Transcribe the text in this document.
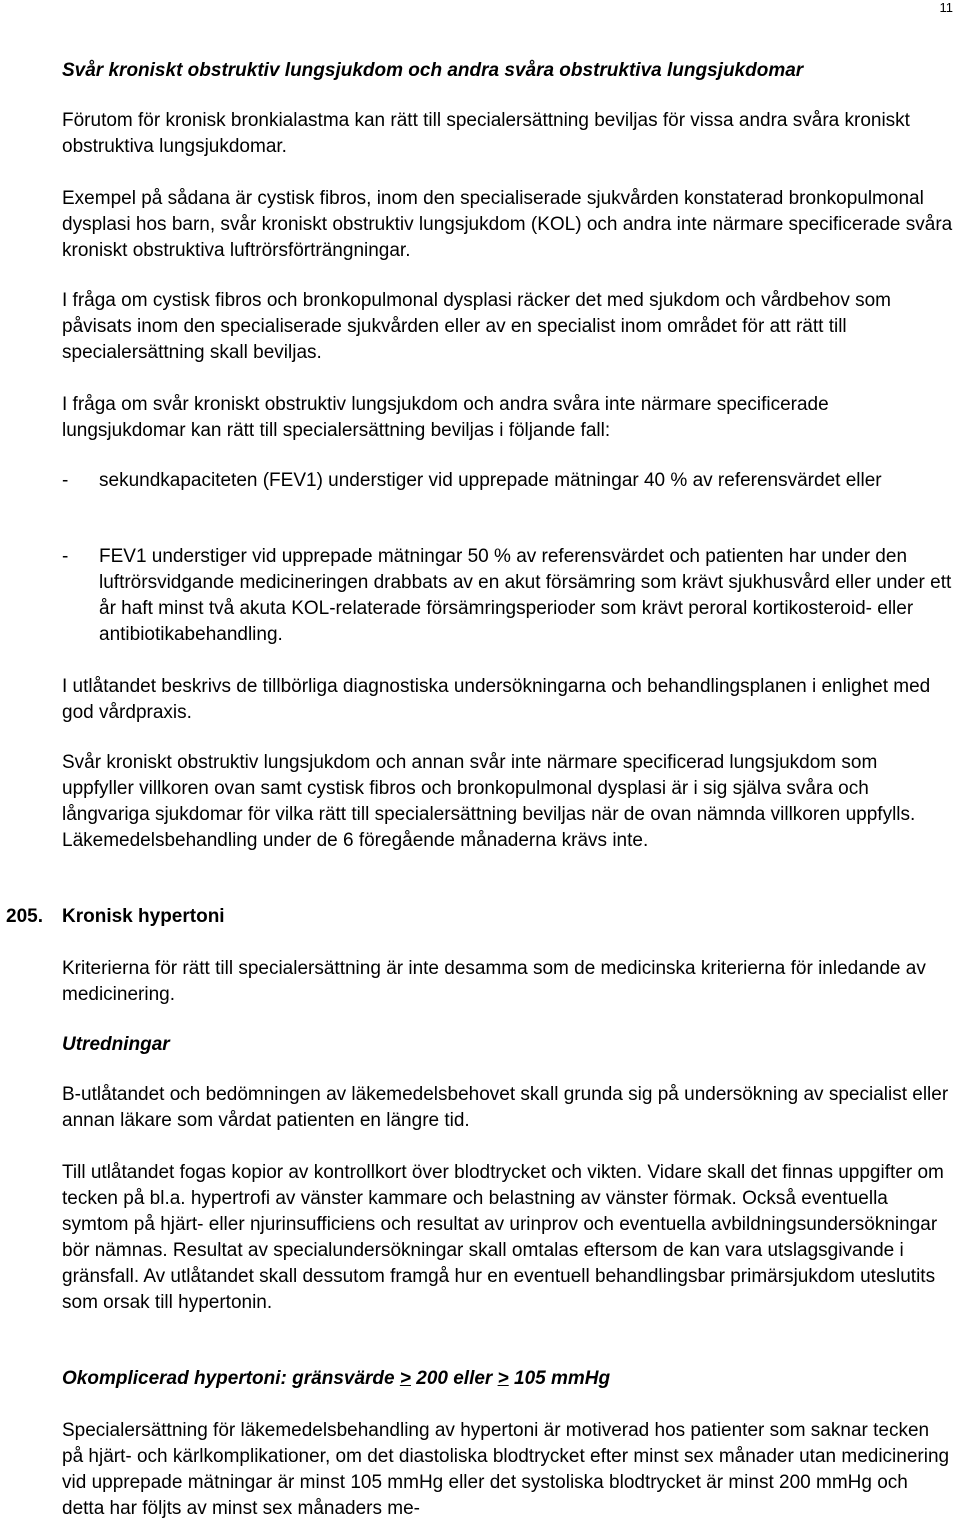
11

Svår kroniskt obstruktiv lungsjukdom och andra svåra obstruktiva lungsjukdomar

Förutom för kronisk bronkialastma kan rätt till specialersättning beviljas för vissa andra svåra kroniskt obstruktiva lungsjukdomar.

Exempel på sådana är cystisk fibros, inom den specialiserade sjukvården konstaterad bronkopulmonal dysplasi hos barn, svår kroniskt obstruktiv lungsjukdom (KOL) och andra inte närmare specificerade svåra kroniskt obstruktiva luftrörsförträngningar.

I fråga om cystisk fibros och bronkopulmonal dysplasi räcker det med sjukdom och vårdbehov som påvisats inom den specialiserade sjukvården eller av en specialist inom området för att rätt till specialersättning skall beviljas.

I fråga om svår kroniskt obstruktiv lungsjukdom och andra svåra inte närmare specificerade lungsjukdomar kan rätt till specialersättning beviljas i följande fall:

- sekundkapaciteten (FEV1) understiger vid upprepade mätningar 40 % av referensvärdet eller

- FEV1 understiger vid upprepade mätningar 50 % av referensvärdet och patienten har under den luftrörsvidgande medicineringen drabbats av en akut försämring som krävt sjukhusvård eller under ett år haft minst två akuta KOL-relaterade försämringsperioder som krävt peroral kortikosteroid- eller antibiotikabehandling.

I utlåtandet beskrivs de tillbörliga diagnostiska undersökningarna och behandlingsplanen i enlighet med god vårdpraxis.

Svår kroniskt obstruktiv lungsjukdom och annan svår inte närmare specificerad lungsjukdom som uppfyller villkoren ovan samt cystisk fibros och bronkopulmonal dysplasi är i sig själva svåra och långvariga sjukdomar för vilka rätt till specialersättning beviljas när de ovan nämnda villkoren uppfylls. Läkemedelsbehandling under de 6 föregående månaderna krävs inte.

205. Kronisk hypertoni

Kriterierna för rätt till specialersättning är inte desamma som de medicinska kriterierna för inledande av medicinering.

Utredningar

B-utlåtandet och bedömningen av läkemedelsbehovet skall grunda sig på undersökning av specialist eller annan läkare som vårdat patienten en längre tid.

Till utlåtandet fogas kopior av kontrollkort över blodtrycket och vikten. Vidare skall det finnas uppgifter om tecken på bl.a. hypertrofi av vänster kammare och belastning av vänster förmak. Också eventuella symtom på hjärt- eller njurinsufficiens och resultat av urinprov och eventuella avbildningsundersökningar bör nämnas. Resultat av specialundersökningar skall omtalas eftersom de kan vara utslagsgivande i gränsfall. Av utlåtandet skall dessutom framgå hur en eventuell behandlingsbar primärsjukdom uteslutits som orsak till hypertonin.

Okomplicerad hypertoni: gränsvärde ≥ 200 eller ≥ 105 mmHg

Specialersättning för läkemedelsbehandling av hypertoni är motiverad hos patienter som saknar tecken på hjärt- och kärlkomplikationer, om det diastoliska blodtrycket efter minst sex månader utan medicinering vid upprepade mätningar är minst 105 mmHg eller det systoliska blodtrycket är minst 200 mmHg och detta har följts av minst sex månaders me-
